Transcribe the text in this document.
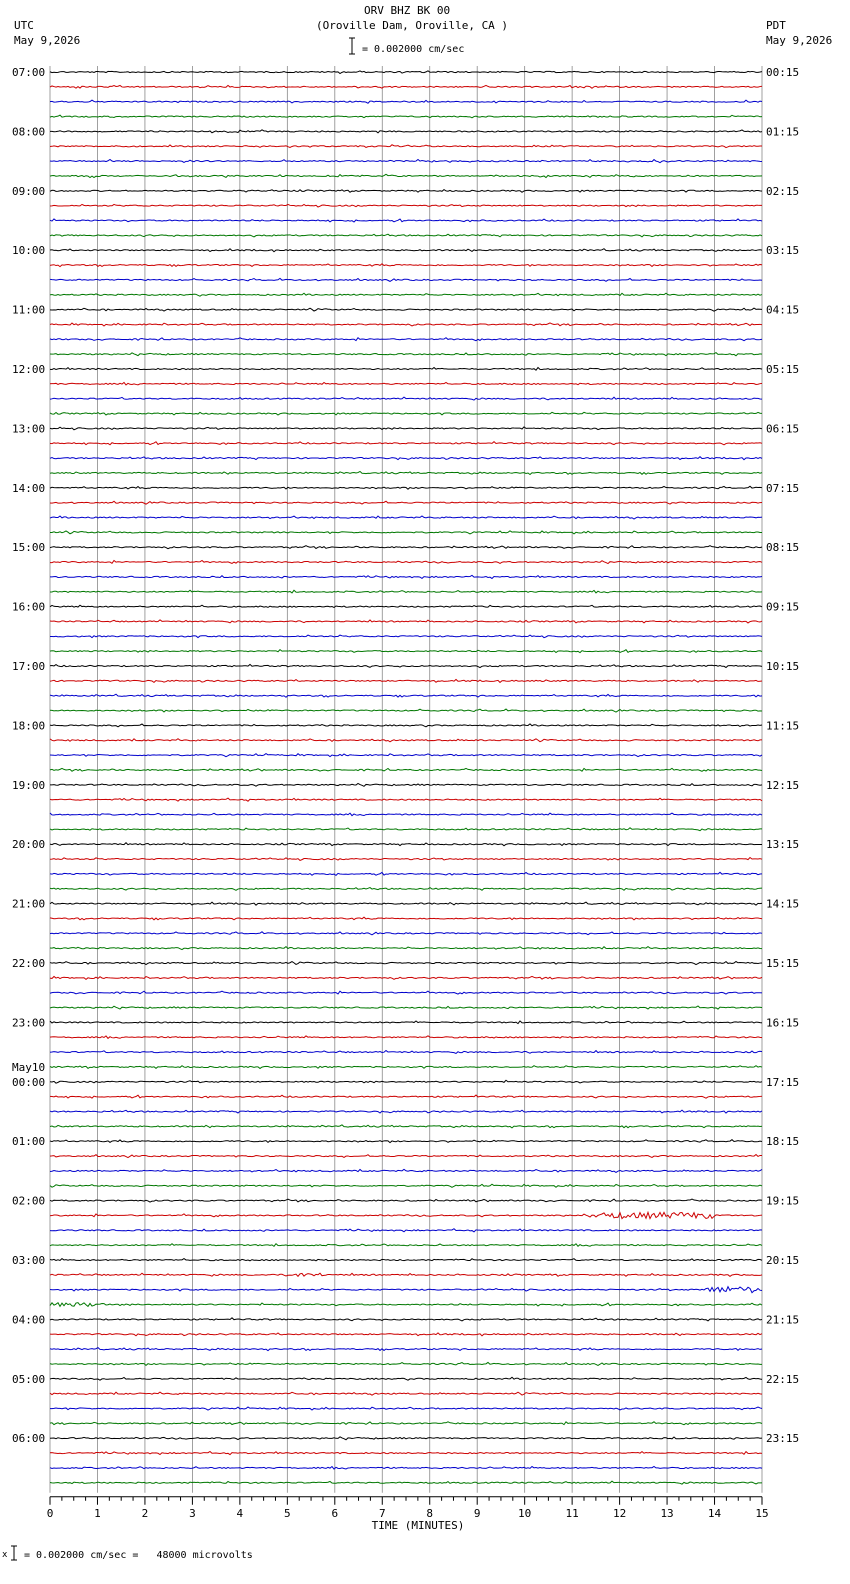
ORV BHZ BK 00
(Oroville Dam, Oroville, CA )
UTC
May 9,2026
PDT
May 9,2026
= 0.002000 cm/sec
x = 0.002000 cm/sec =   48000 microvolts
07:00	00:15
08:00	01:15
09:00	02:15
10:00	03:15
11:00	04:15
12:00	05:15
13:00	06:15
14:00	07:15
15:00	08:15
16:00	09:15
17:00	10:15
18:00	11:15
19:00	12:15
20:00	13:15
21:00	14:15
22:00	15:15
23:00	16:15
00:00	17:15
May10
01:00	18:15
02:00	19:15
03:00	20:15
04:00	21:15
05:00	22:15
06:00	23:15
0	1	2	3	4	5	6	7	8	9	10	11	12	13	14	15
TIME (MINUTES)
